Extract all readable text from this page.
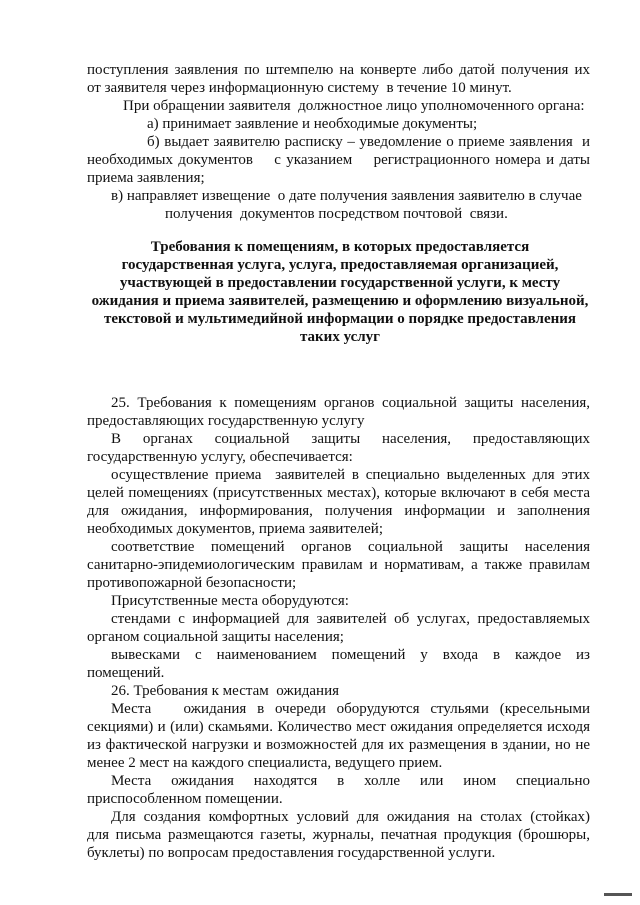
поступления заявления по штемпелю на конверте либо датой получения их
от заявителя через информационную систему  в течение 10 минут.
При обращении заявителя  должностное лицо уполномоченного органа:
а) принимает заявление и необходимые документы;
б) выдает заявителю расписку – уведомление о приеме заявления  и
необходимых документов    с указанием    регистрационного номера и даты
приема заявления;
в) направляет извещение  о дате получения заявления заявителю в случае
получения  документов посредством почтовой  связи.
Требования к помещениям, в которых предоставляется
государственная услуга, услуга, предоставляемая организацией,
участвующей в предоставлении государственной услуги, к месту
ожидания и приема заявителей, размещению и оформлению визуальной,
текстовой и мультимедийной информации о порядке предоставления
таких услуг
25. Требования к помещениям органов социальной защиты населения,
предоставляющих государственную услугу
В органах социальной защиты населения, предоставляющих
государственную услугу, обеспечивается:
осуществление приема  заявителей в специально выделенных для этих
целей помещениях (присутственных местах), которые включают в себя места
для ожидания, информирования, получения информации и заполнения
необходимых документов, приема заявителей;
соответствие помещений органов социальной защиты населения
санитарно-эпидемиологическим правилам и нормативам, а также правилам
противопожарной безопасности;
Присутственные места оборудуются:
стендами с информацией для заявителей об услугах, предоставляемых
органом социальной защиты населения;
вывесками с наименованием помещений у входа в каждое из
помещений.
26. Требования к местам  ожидания
Места   ожидания в очереди оборудуются стульями (кресельными
секциями) и (или) скамьями. Количество мест ожидания определяется исходя
из фактической нагрузки и возможностей для их размещения в здании, но не
менее 2 мест на каждого специалиста, ведущего прием.
Места ожидания находятся в холле или ином специально
приспособленном помещении.
Для создания комфортных условий для ожидания на столах (стойках)
для письма размещаются газеты, журналы, печатная продукция (брошюры,
буклеты) по вопросам предоставления государственной услуги.
